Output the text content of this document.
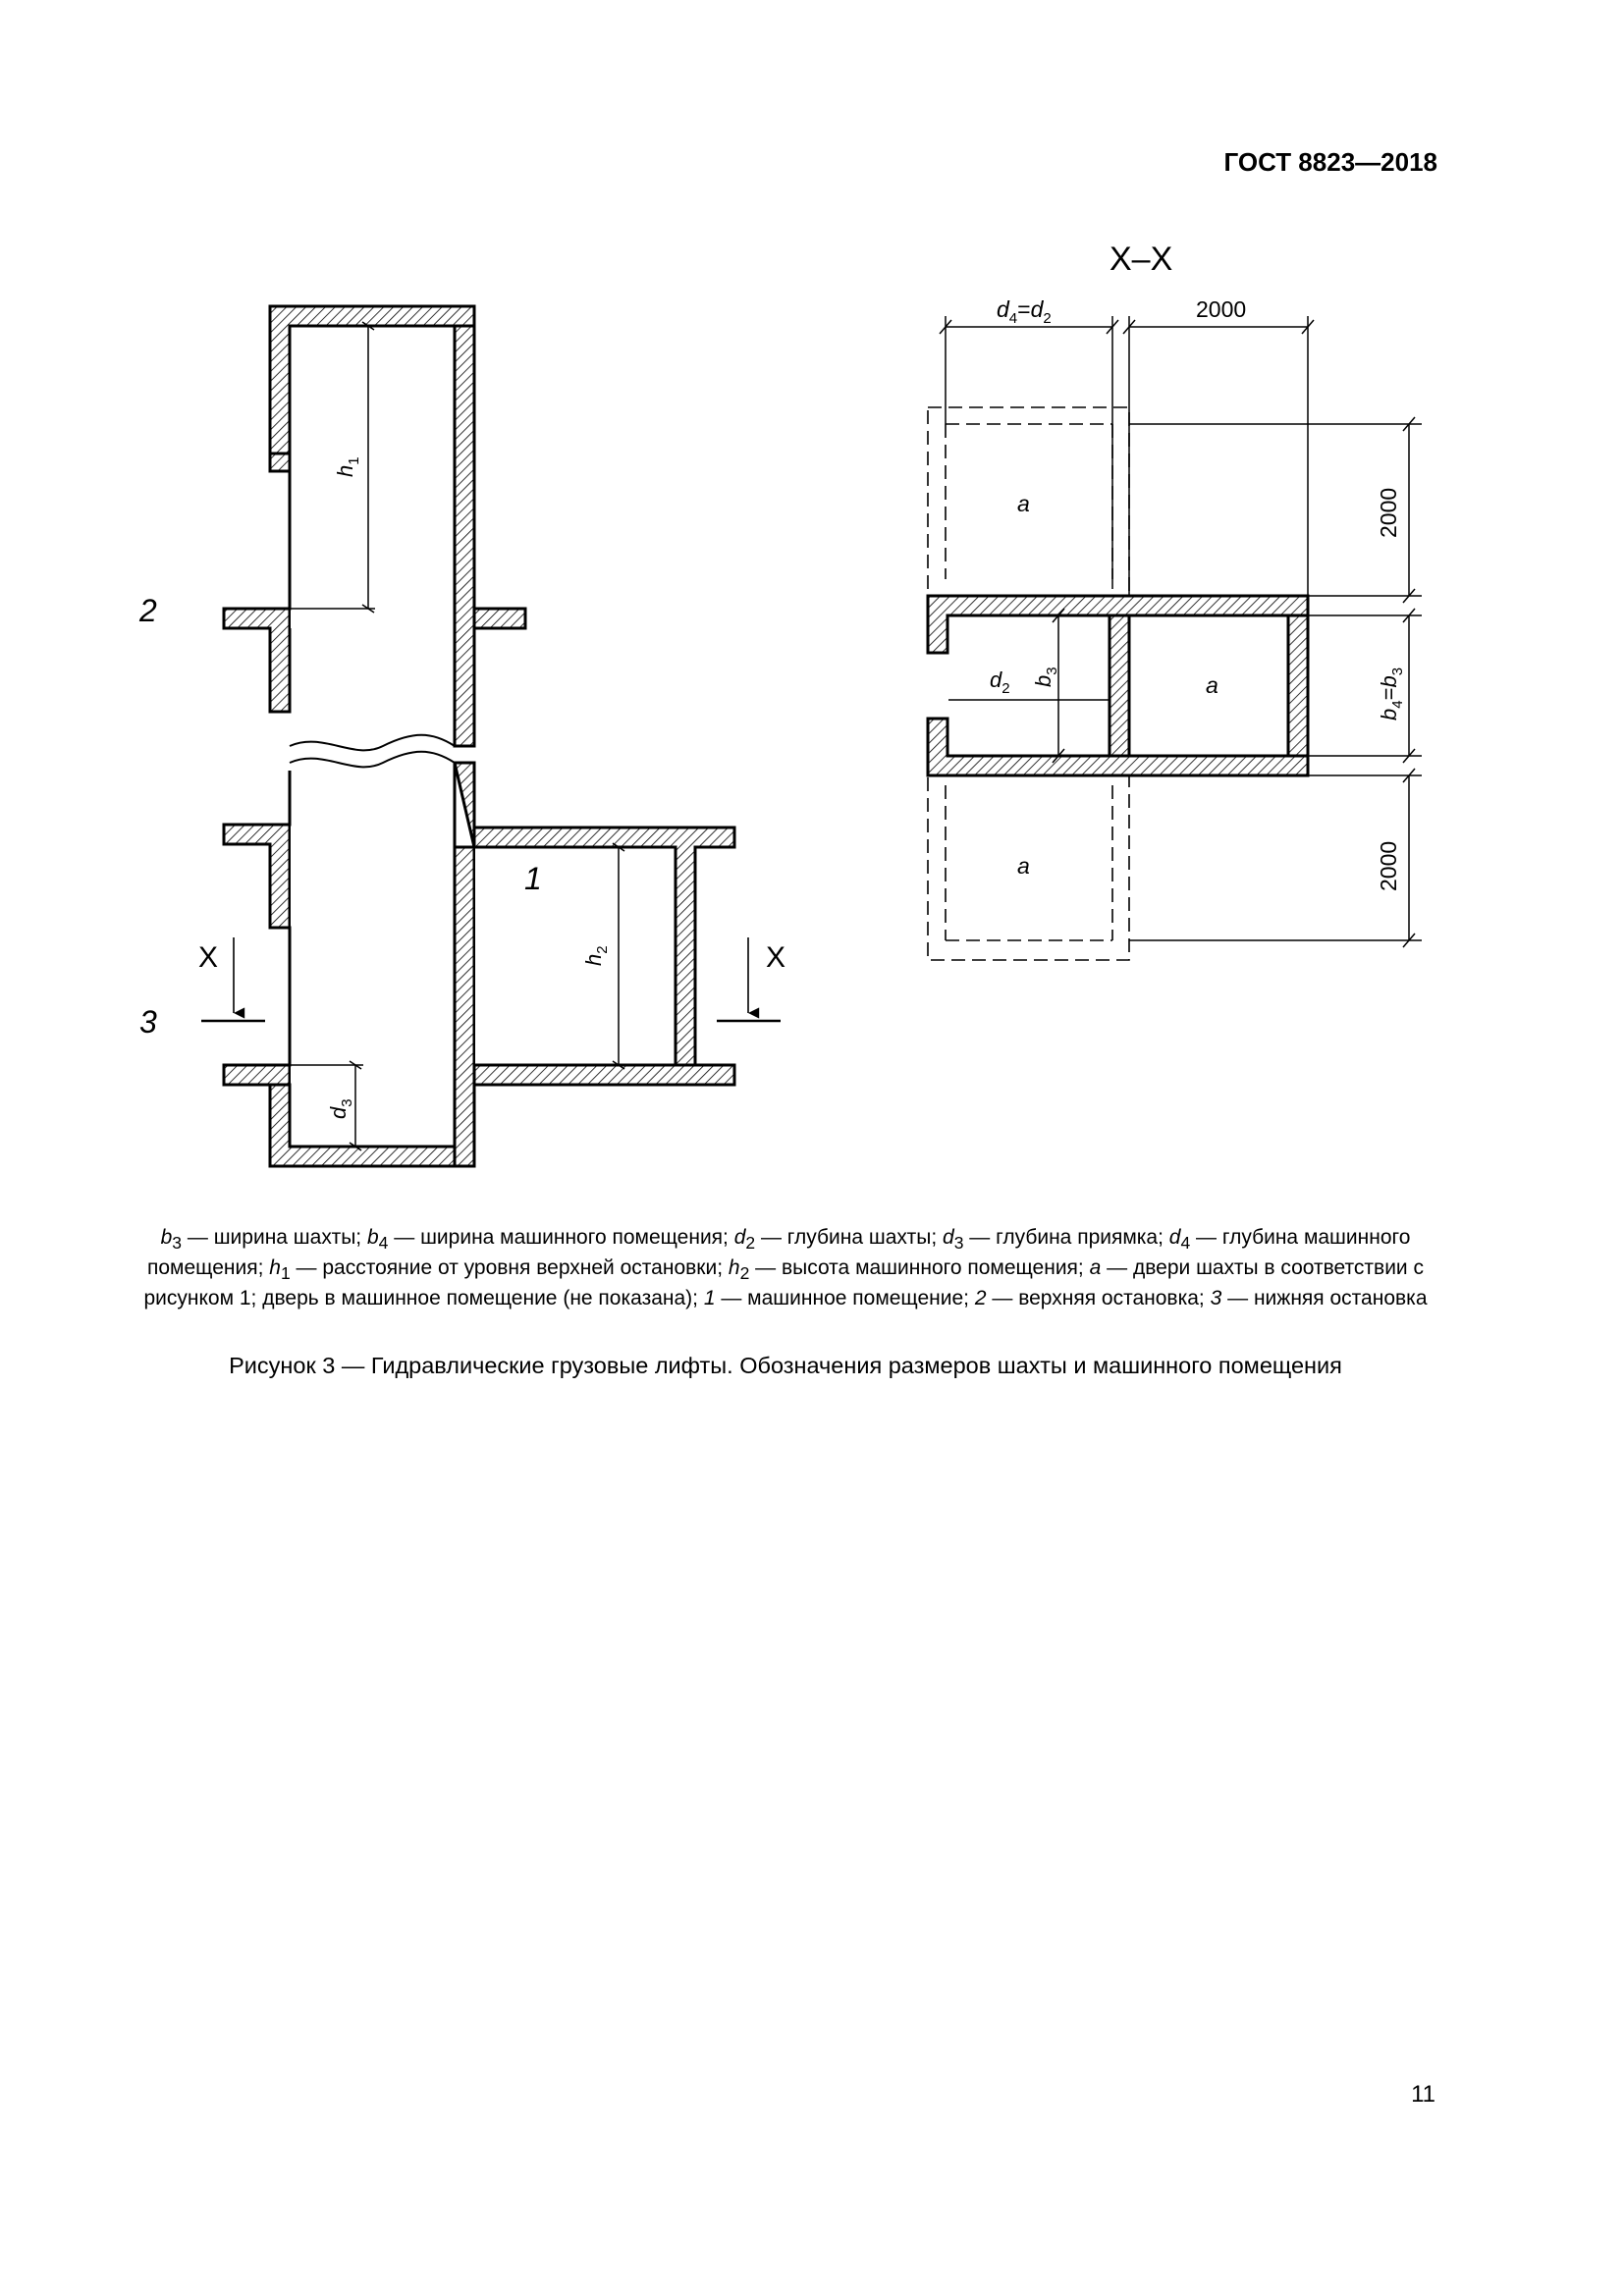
ГОСТ 8823—2018
X	X
2
3
1
$h_1$
$h_2$
$d_3$
X–X
$d_4=d_2$	2000
2000
$b_4=b_3$
2000
$d_2$ $b_3$
a
a
a
$b_3$ — ширина шахты; $b_4$ — ширина машинного помещения; $d_2$ — глубина шахты; $d_3$ — глубина приямка; $d_4$ — глубина машинного помещения; $h_1$ — расстояние от уровня верхней остановки; $h_2$ — высота машинного помещения; a — двери шахты в соответствии с рисунком 1; дверь в машинное помещение (не показана); 1 — машинное помещение; 2 — верхняя остановка; 3 — нижняя остановка
Рисунок 3 — Гидравлические грузовые лифты. Обозначения размеров шахты и машинного помещения
11
